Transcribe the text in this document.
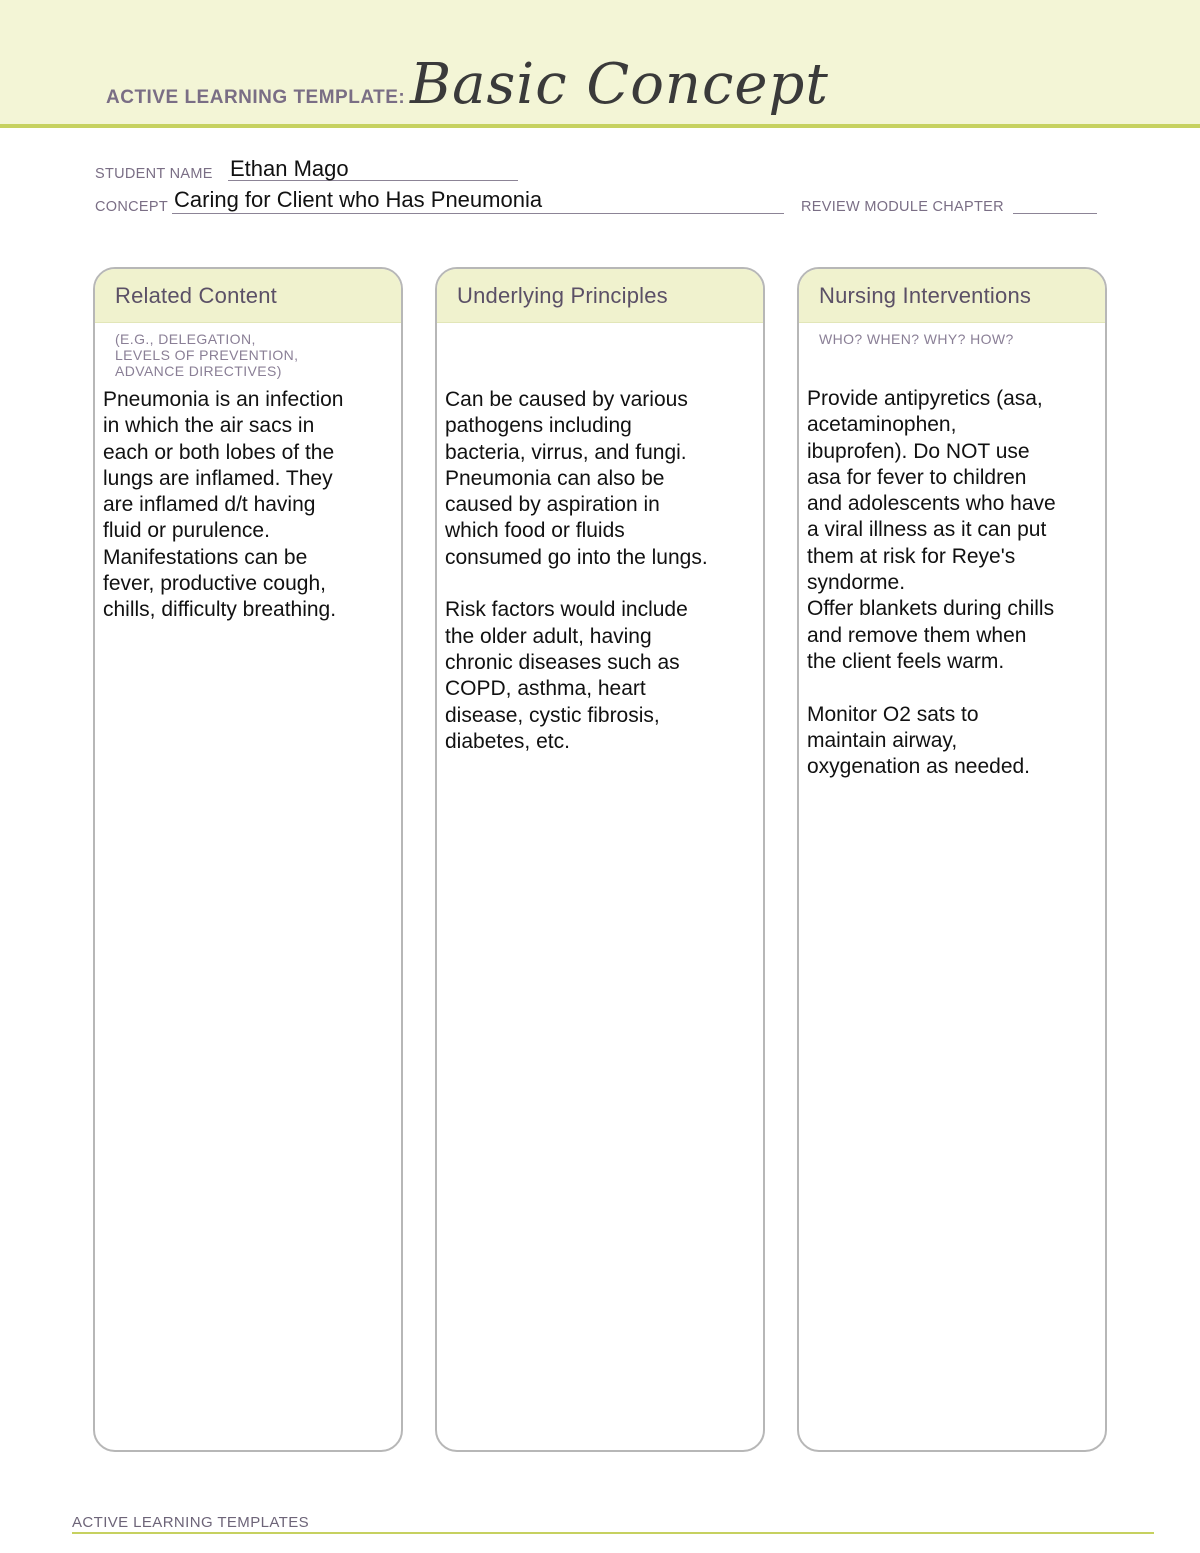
ACTIVE LEARNING TEMPLATE: Basic Concept
STUDENT NAME Ethan Mago
CONCEPT Caring for Client who Has Pneumonia	REVIEW MODULE CHAPTER
Related Content
(E.G., DELEGATION,
LEVELS OF PREVENTION,
ADVANCE DIRECTIVES)
Pneumonia is an infection
in which the air sacs in
each or both lobes of the
lungs are inflamed. They
are inflamed d/t having
fluid or purulence.
Manifestations can be
fever, productive cough,
chills, difficulty breathing.
Underlying Principles
Can be caused by various
pathogens including
bacteria, virrus, and fungi.
Pneumonia can also be
caused by aspiration in
which food or fluids
consumed go into the lungs.

Risk factors would include
the older adult, having
chronic diseases such as
COPD, asthma, heart
disease, cystic fibrosis,
diabetes, etc.
Nursing Interventions
WHO? WHEN? WHY? HOW?
Provide antipyretics (asa,
acetaminophen,
ibuprofen). Do NOT use
asa for fever to children
and adolescents who have
a viral illness as it can put
them at risk for Reye's
syndorme.
Offer blankets during chills
and remove them when
the client feels warm.

Monitor O2 sats to
maintain airway,
oxygenation as needed.
ACTIVE LEARNING TEMPLATES
